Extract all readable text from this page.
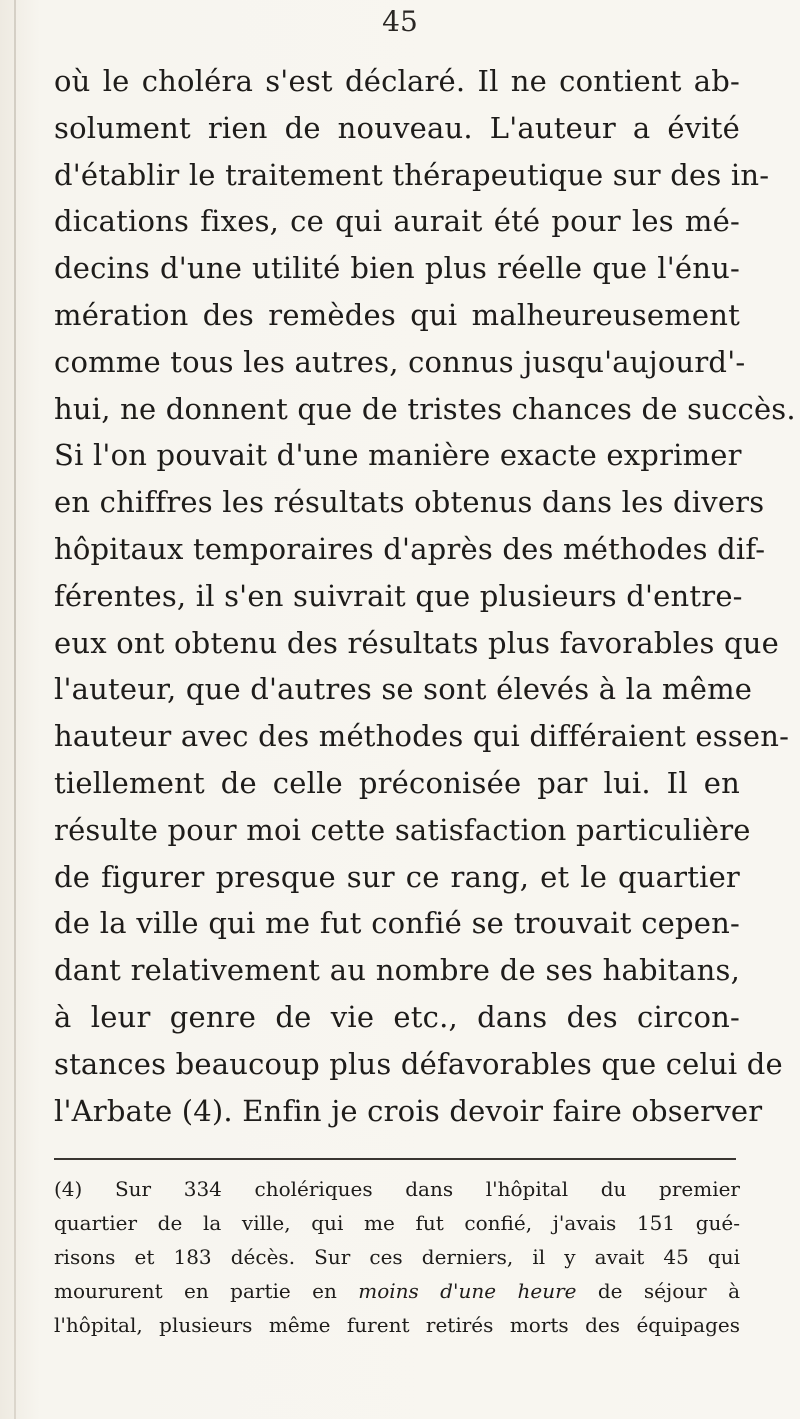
45
où le choléra s'est déclaré. Il ne contient ab-
solument rien de nouveau. L'auteur a évité
d'établir le traitement thérapeutique sur des in-
dications fixes, ce qui aurait été pour les mé-
decins d'une utilité bien plus réelle que l'énu-
mération des remèdes qui malheureusement
comme tous les autres, connus jusqu'aujourd'-
hui, ne donnent que de tristes chances de succès.
Si l'on pouvait d'une manière exacte exprimer
en chiffres les résultats obtenus dans les divers
hôpitaux temporaires d'après des méthodes dif-
férentes, il s'en suivrait que plusieurs d'entre-
eux ont obtenu des résultats plus favorables que
l'auteur, que d'autres se sont élevés à la même
hauteur avec des méthodes qui différaient essen-
tiellement de celle préconisée par lui. Il en
résulte pour moi cette satisfaction particulière
de figurer presque sur ce rang, et le quartier
de la ville qui me fut confié se trouvait cepen-
dant relativement au nombre de ses habitans,
à leur genre de vie etc., dans des circon-
stances beaucoup plus défavorables que celui de
l'Arbate (4). Enfin je crois devoir faire observer
(4) Sur 334 cholériques dans l'hôpital du premier
quartier de la ville, qui me fut confié, j'avais 151 gué-
risons et 183 décès. Sur ces derniers, il y avait 45 qui
moururent en partie en moins d'une heure de séjour à
l'hôpital, plusieurs même furent retirés morts des équipages
